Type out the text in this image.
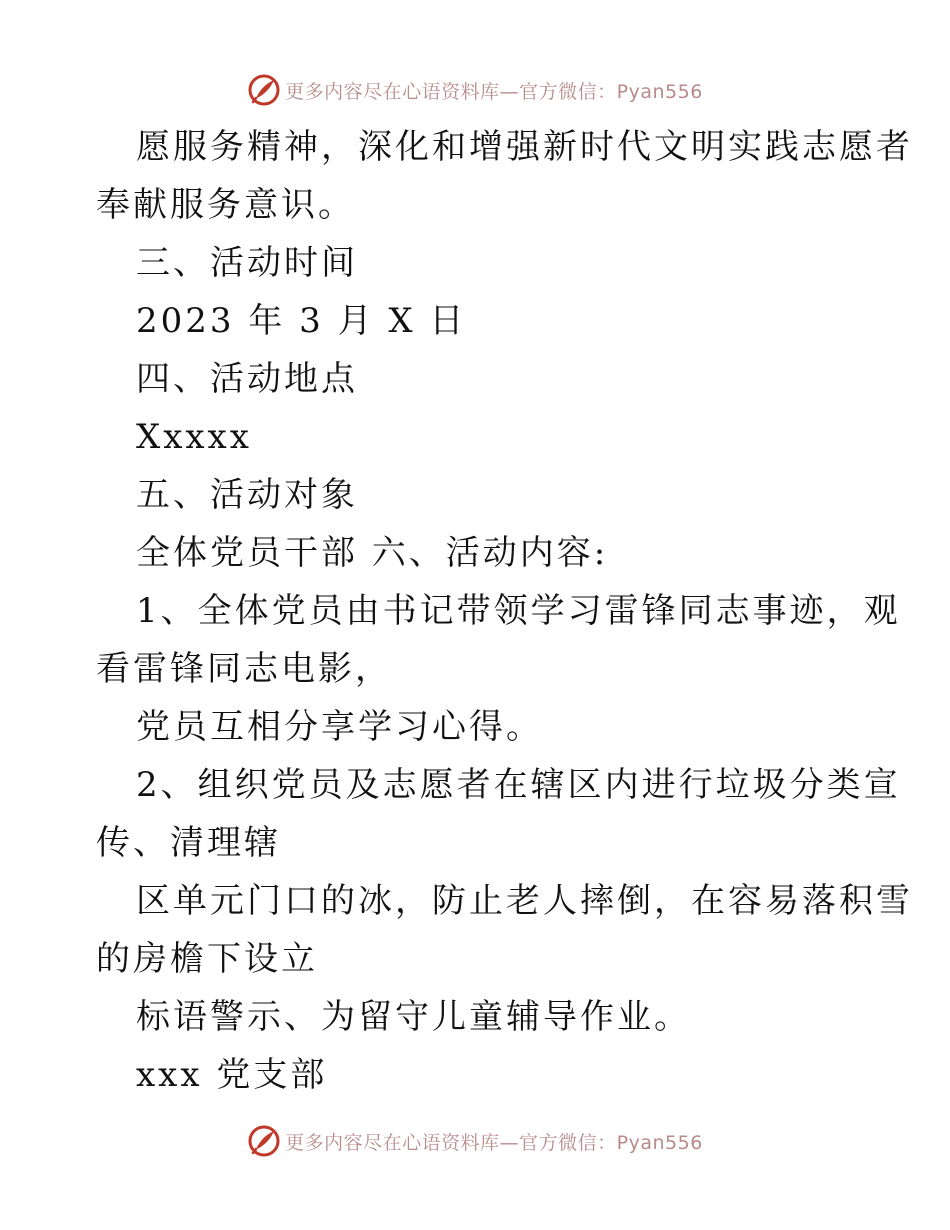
更多内容尽在心语资料库—官方微信：Pyan556
愿服务精神，深化和增强新时代文明实践志愿者
奉献服务意识。
三、活动时间
2023 年 3 月 X 日
四、活动地点
Xxxxx
五、活动对象
全体党员干部 六、活动内容:
1、全体党员由书记带领学习雷锋同志事迹，观
看雷锋同志电影，
党员互相分享学习心得。
2、组织党员及志愿者在辖区内进行垃圾分类宣
传、清理辖
区单元门口的冰，防止老人摔倒，在容易落积雪
的房檐下设立
标语警示、为留守儿童辅导作业。
xxx 党支部
更多内容尽在心语资料库—官方微信：Pyan556
